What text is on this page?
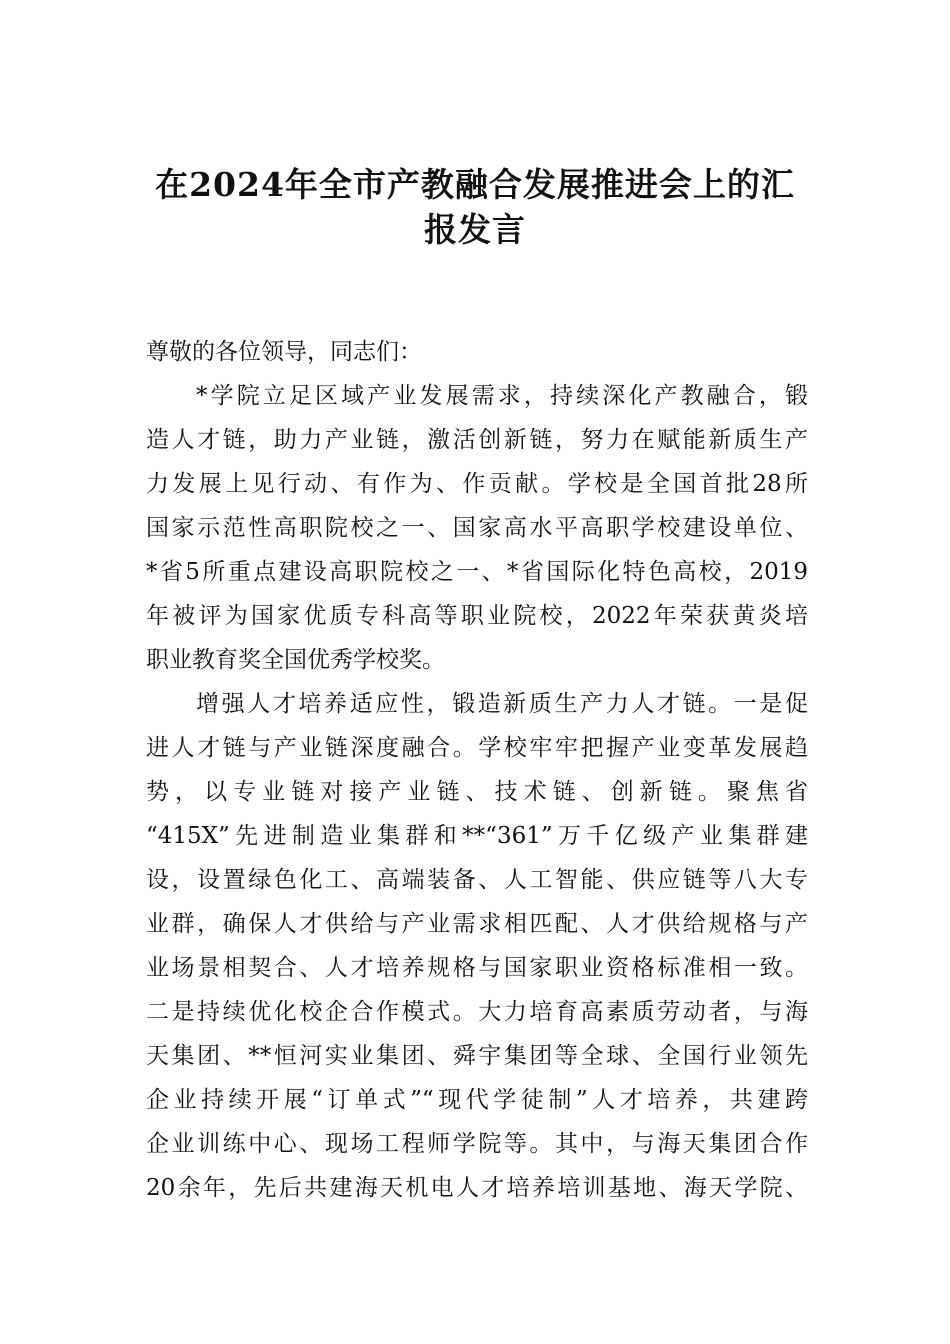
在2024年全市产教融合发展推进会上的汇
报发言

尊敬的各位领导，同志们：

*学院立足区域产业发展需求，持续深化产教融合，锻

造人才链，助力产业链，激活创新链，努力在赋能新质生产

力发展上见行动、有作为、作贡献。学校是全国首批28所

国家示范性高职院校之一、国家高水平高职学校建设单位、

*省5所重点建设高职院校之一、*省国际化特色高校，2019

年被评为国家优质专科高等职业院校，2022年荣获黄炎培

职业教育奖全国优秀学校奖。

增强人才培养适应性，锻造新质生产力人才链。一是促

进人才链与产业链深度融合。学校牢牢把握产业变革发展趋

势，以专业链对接产业链、技术链、创新链。聚焦省

“415X”先进制造业集群和**“361”万千亿级产业集群建

设，设置绿色化工、高端装备、人工智能、供应链等八大专

业群，确保人才供给与产业需求相匹配、人才供给规格与产

业场景相契合、人才培养规格与国家职业资格标准相一致。

二是持续优化校企合作模式。大力培育高素质劳动者，与海

天集团、**恒河实业集团、舜宇集团等全球、全国行业领先

企业持续开展“订单式”“现代学徒制”人才培养，共建跨

企业训练中心、现场工程师学院等。其中，与海天集团合作

20余年，先后共建海天机电人才培养培训基地、海天学院、
